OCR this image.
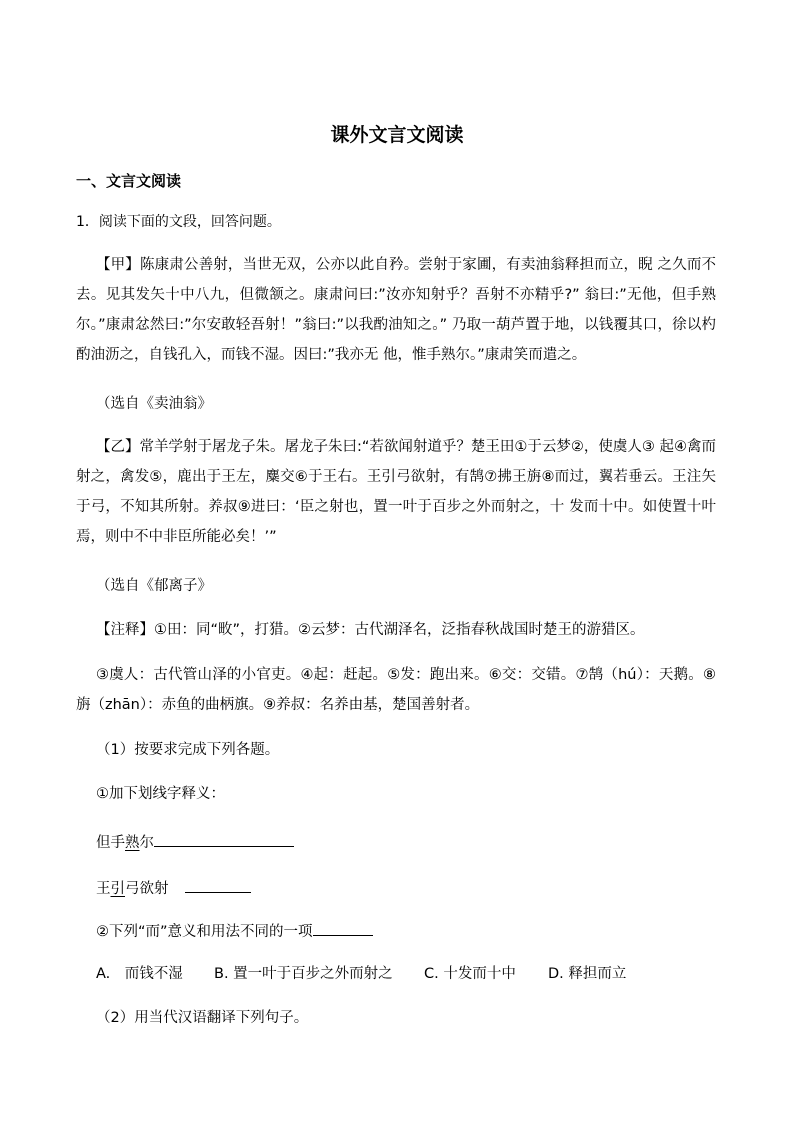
课外文言文阅读
一、文言文阅读
1．阅读下面的文段，回答问题。
【甲】陈康肃公善射，当世无双，公亦以此自矜。尝射于家圃，有卖油翁释担而立，睨 之久而不去。见其发矢十中八九，但微颔之。康肃问曰:”汝亦知射乎？吾射不亦精乎?” 翁曰:”无他，但手熟尔。”康肃忿然曰:”尔安敢轻吾射！”翁曰:”以我酌油知之。” 乃取一葫芦置于地，以钱覆其口，徐以杓酌油沥之，自钱孔入，而钱不湿。因曰:”我亦无 他，惟手熟尔。”康肃笑而遣之。
（选自《卖油翁》
【乙】常羊学射于屠龙子朱。屠龙子朱曰:“若欲闻射道乎？楚王田①于云梦②，使虞人③ 起④禽而射之，禽发⑤，鹿出于王左，麋交⑥于王右。王引弓欲射，有鹄⑦拂王旃⑧而过，翼若垂云。王注矢于弓，不知其所射。养叔⑨进曰：‘臣之射也，置一叶于百步之外而射之，十 发而十中。如使置十叶焉，则中不中非臣所能必矣！’”
（选自《郁离子》
【注释】①田：同“畋”，打猎。②云梦：古代湖泽名，泛指春秋战国时楚王的游猎区。
③虞人：古代管山泽的小官吏。④起：赶起。⑤发：跑出来。⑥交：交错。⑦鹄（hú）：天鹅。⑧旃（zhān）：赤鱼的曲柄旗。⑨养叔：名养由基，楚国善射者。
（1）按要求完成下列各题。
①加下划线字释义：
但手熟尔
王引弓欲射
②下列“而”意义和用法不同的一项
A.　而钱不湿 B. 置一叶于百步之外而射之 C. 十发而十中 D. 释担而立
（2）用当代汉语翻译下列句子。
